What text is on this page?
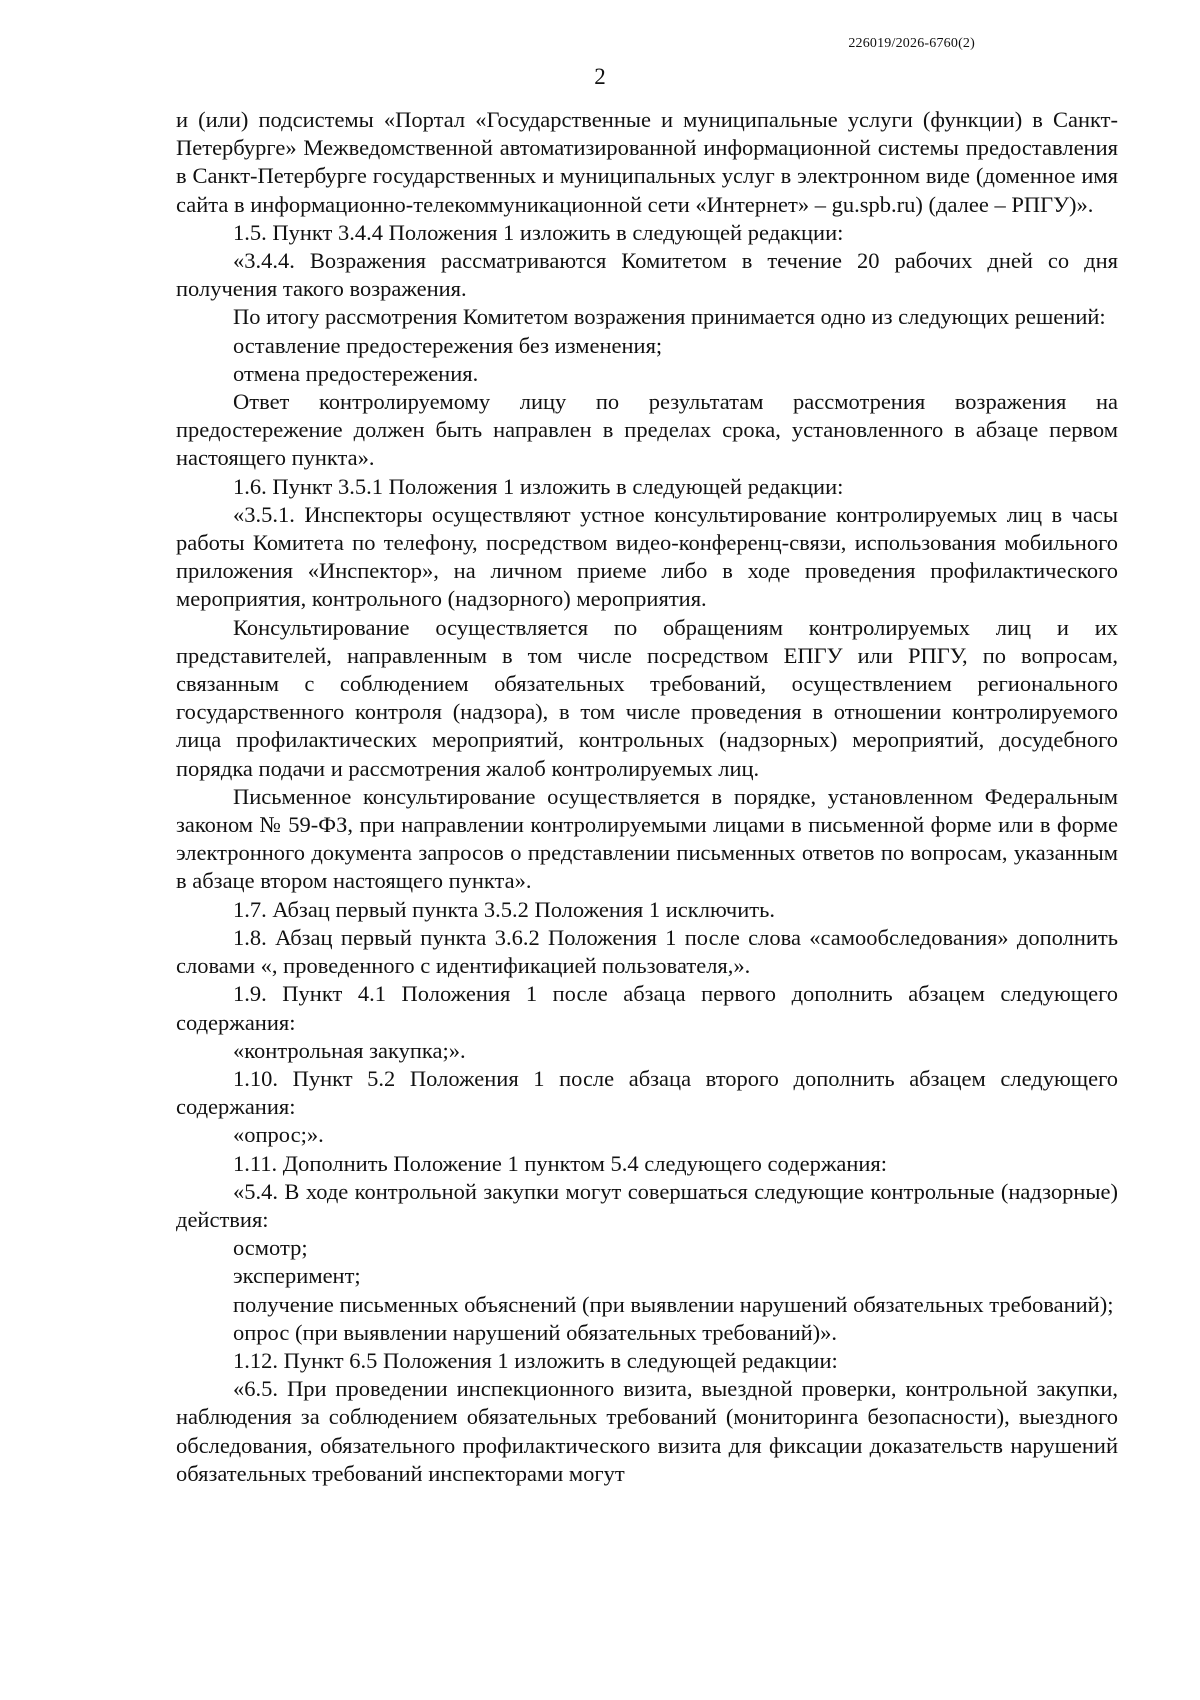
226019/2026-6760(2)
2

и (или) подсистемы «Портал «Государственные и муниципальные услуги (функции) в Санкт-Петербурге» Межведомственной автоматизированной информационной системы предоставления в Санкт-Петербурге государственных и муниципальных услуг в электронном виде (доменное имя сайта в информационно-телекоммуникационной сети «Интернет» – gu.spb.ru) (далее – РПГУ)».

1.5. Пункт 3.4.4 Положения 1 изложить в следующей редакции:

«3.4.4. Возражения рассматриваются Комитетом в течение 20 рабочих дней со дня получения такого возражения.

По итогу рассмотрения Комитетом возражения принимается одно из следующих решений:

оставление предостережения без изменения;

отмена предостережения.

Ответ контролируемому лицу по результатам рассмотрения возражения на предостережение должен быть направлен в пределах срока, установленного в абзаце первом настоящего пункта».

1.6. Пункт 3.5.1 Положения 1 изложить в следующей редакции:

«3.5.1. Инспекторы осуществляют устное консультирование контролируемых лиц в часы работы Комитета по телефону, посредством видео-конференц-связи, использования мобильного приложения «Инспектор», на личном приеме либо в ходе проведения профилактического мероприятия, контрольного (надзорного) мероприятия.

Консультирование осуществляется по обращениям контролируемых лиц и их представителей, направленным в том числе посредством ЕПГУ или РПГУ, по вопросам, связанным с соблюдением обязательных требований, осуществлением регионального государственного контроля (надзора), в том числе проведения в отношении контролируемого лица профилактических мероприятий, контрольных (надзорных) мероприятий, досудебного порядка подачи и рассмотрения жалоб контролируемых лиц.

Письменное консультирование осуществляется в порядке, установленном Федеральным законом № 59-ФЗ, при направлении контролируемыми лицами в письменной форме или в форме электронного документа запросов о представлении письменных ответов по вопросам, указанным в абзаце втором настоящего пункта».

1.7. Абзац первый пункта 3.5.2 Положения 1 исключить.

1.8. Абзац первый пункта 3.6.2 Положения 1 после слова «самообследования» дополнить словами «, проведенного с идентификацией пользователя,».

1.9. Пункт 4.1 Положения 1 после абзаца первого дополнить абзацем следующего содержания:

«контрольная закупка;».

1.10. Пункт 5.2 Положения 1 после абзаца второго дополнить абзацем следующего содержания:

«опрос;».

1.11. Дополнить Положение 1 пунктом 5.4 следующего содержания:

«5.4. В ходе контрольной закупки могут совершаться следующие контрольные (надзорные) действия:

осмотр;

эксперимент;

получение письменных объяснений (при выявлении нарушений обязательных требований);

опрос (при выявлении нарушений обязательных требований)».

1.12. Пункт 6.5 Положения 1 изложить в следующей редакции:

«6.5. При проведении инспекционного визита, выездной проверки, контрольной закупки, наблюдения за соблюдением обязательных требований (мониторинга безопасности), выездного обследования, обязательного профилактического визита для фиксации доказательств нарушений обязательных требований инспекторами могут
